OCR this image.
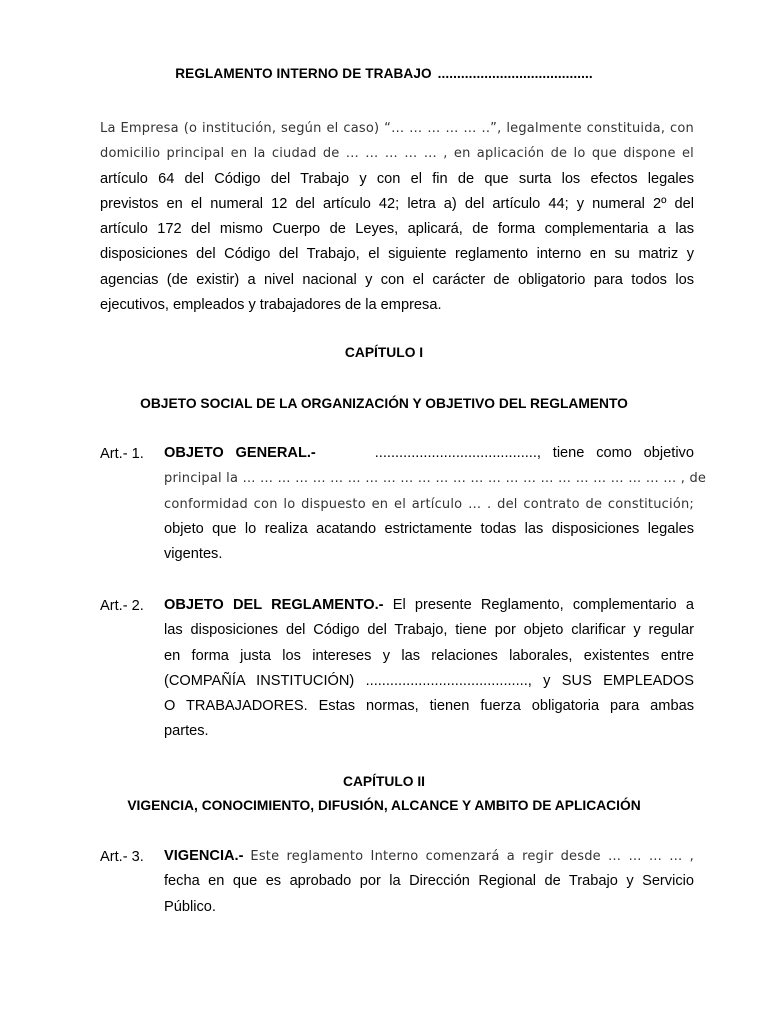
REGLAMENTO INTERNO DE TRABAJO ........................................
La Empresa (o institución, según el caso) “… … … … … ..”, legalmente constituida, con
domicilio principal en la ciudad de … … … … … , en aplicación de lo que dispone el
artículo 64 del Código del Trabajo y con el fin de que surta los efectos legales
previstos en el numeral 12 del artículo 42; letra a) del artículo 44; y numeral 2º del
artículo 172 del mismo Cuerpo de Leyes, aplicará, de forma complementaria a las
disposiciones del Código del Trabajo, el siguiente reglamento interno en su matriz y
agencias (de existir) a nivel nacional y con el carácter de obligatorio para todos los
ejecutivos, empleados y trabajadores de la empresa.
CAPÍTULO I
OBJETO SOCIAL DE LA ORGANIZACIÓN Y OBJETIVO DEL REGLAMENTO
Art.- 1. OBJETO GENERAL.-	........................................, tiene como objetivo
principal la … … … … … … … … … … … … … … … … … … … … … … … … … , de
conformidad con lo dispuesto en el artículo … . del contrato de constitución;
objeto que lo realiza acatando estrictamente todas las disposiciones legales
vigentes.
Art.- 2. OBJETO DEL REGLAMENTO.- El presente Reglamento, complementario a
las disposiciones del Código del Trabajo, tiene por objeto clarificar y regular
en forma justa los intereses y las relaciones laborales, existentes entre
(COMPAÑÍA INSTITUCIÓN) ........................................, y SUS EMPLEADOS
O TRABAJADORES. Estas normas, tienen fuerza obligatoria para ambas
partes.
CAPÍTULO II
VIGENCIA, CONOCIMIENTO, DIFUSIÓN, ALCANCE Y AMBITO DE APLICACIÓN
Art.- 3. VIGENCIA.- Este reglamento Interno comenzará a regir desde … … … … ,
fecha en que es aprobado por la Dirección Regional de Trabajo y Servicio
Público.
